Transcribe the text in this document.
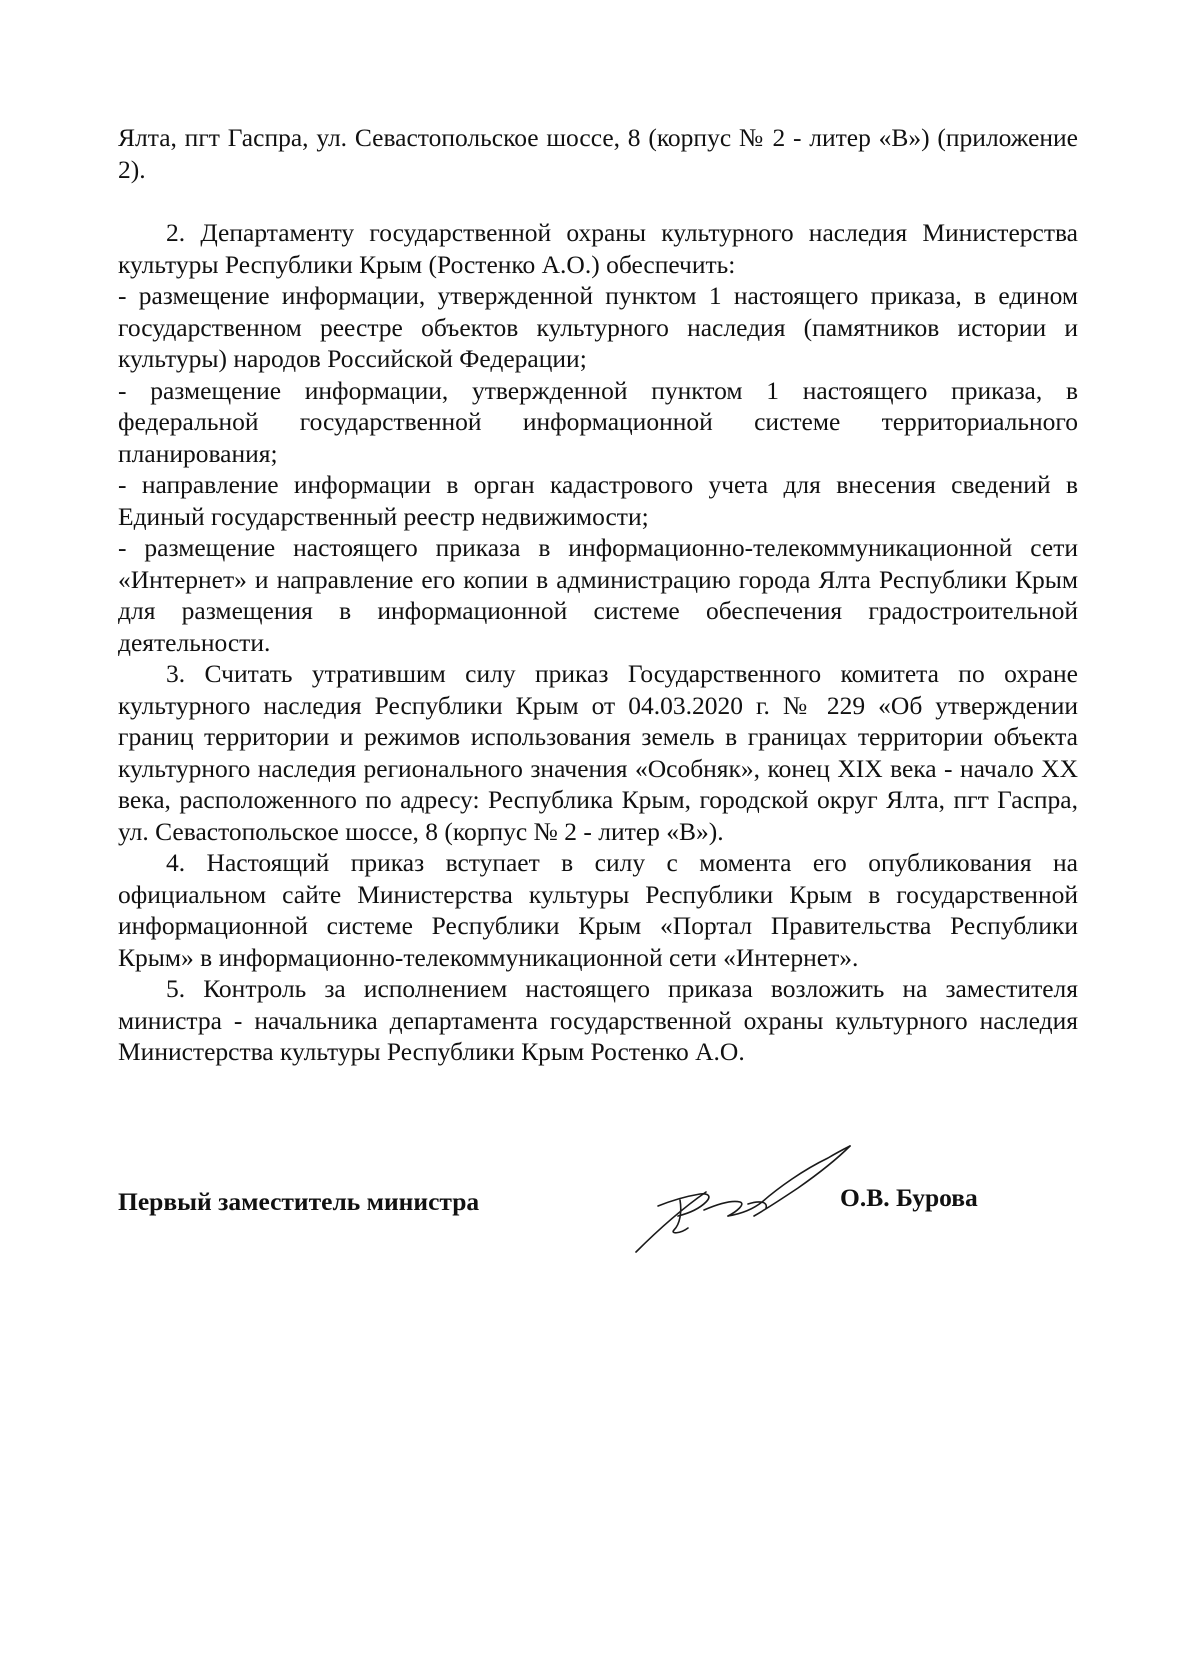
Ялта, пгт Гаспра, ул. Севастопольское шоссе, 8 (корпус № 2 - литер «В») (приложение 2).

2. Департаменту государственной охраны культурного наследия Министерства культуры Республики Крым (Ростенко А.О.) обеспечить:

- размещение информации, утвержденной пунктом 1 настоящего приказа, в едином государственном реестре объектов культурного наследия (памятников истории и культуры) народов Российской Федерации;

- размещение информации, утвержденной пунктом 1 настоящего приказа, в федеральной государственной информационной системе территориального планирования;

- направление информации в орган кадастрового учета для внесения сведений в Единый государственный реестр недвижимости;

- размещение настоящего приказа в информационно-телекоммуникационной сети «Интернет» и направление его копии в администрацию города Ялта Республики Крым для размещения в информационной системе обеспечения градостроительной деятельности.

3. Считать утратившим силу приказ Государственного комитета по охране культурного наследия Республики Крым от 04.03.2020 г. № 229 «Об утверждении границ территории и режимов использования земель в границах территории объекта культурного наследия регионального значения «Особняк», конец XIX века - начало XX века, расположенного по адресу: Республика Крым, городской округ Ялта, пгт Гаспра, ул. Севастопольское шоссе, 8 (корпус № 2 - литер «В»).

4. Настоящий приказ вступает в силу с момента его опубликования на официальном сайте Министерства культуры Республики Крым в государственной информационной системе Республики Крым «Портал Правительства Республики Крым» в информационно-телекоммуникационной сети «Интернет».

5. Контроль за исполнением настоящего приказа возложить на заместителя министра - начальника департамента государственной охраны культурного наследия Министерства культуры Республики Крым Ростенко А.О.

Первый заместитель министра	О.В. Бурова
